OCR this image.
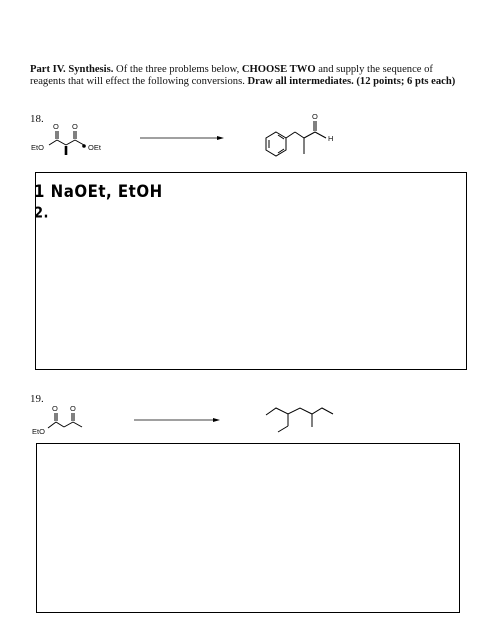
Part IV. Synthesis. Of the three problems below, CHOOSE TWO and supply the sequence of reagents that will effect the following conversions. Draw all intermediates. (12 points; 6 pts each)
18.
EtO
O O
OEt
O
H
1 NaOEt, EtOH
2.
19.
EtO
O O
